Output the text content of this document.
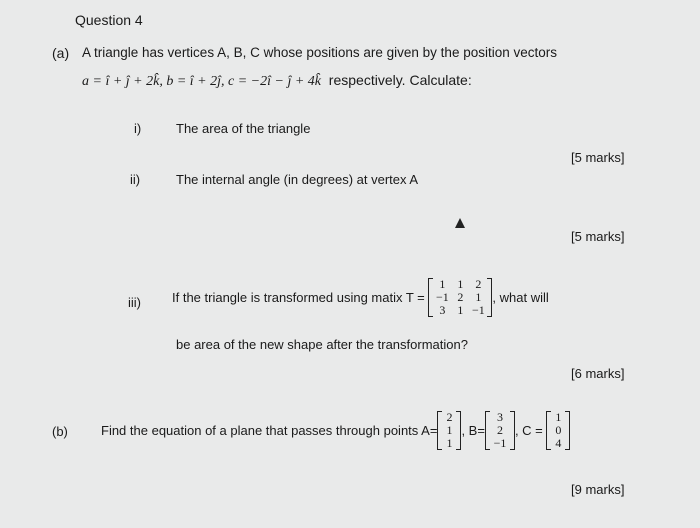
Question 4
(a) A triangle has vertices A, B, C whose positions are given by the position vectors
a = î + ĵ + 2k̂, b = î + 2ĵ, c = −2î − ĵ + 4k̂ respectively. Calculate:
i)	The area of the triangle
[5 marks]
ii)	The internal angle (in degrees) at vertex A
[5 marks]
iii) If the triangle is transformed using matix T =

1	1	2
−1 2	1
3	1 −1
, what will
be area of the new shape after the transformation?
[6 marks]
(b)	Find the equation of a plane that passes through points A=
2
1
1
, B=
3
2
−1
, C =

1
0
4
[9 marks]
